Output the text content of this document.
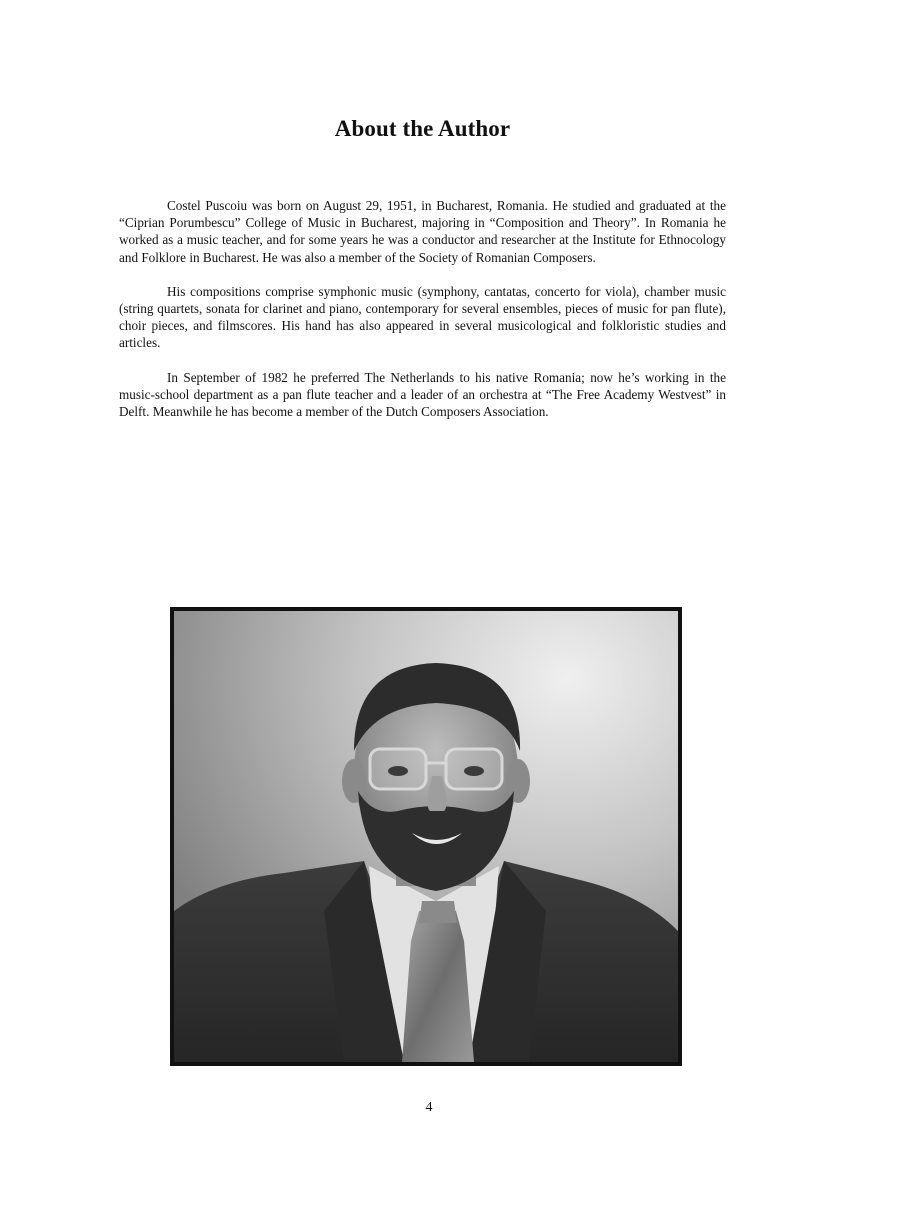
About the Author

Costel Puscoiu was born on August 29, 1951, in Bucharest, Romania. He studied and graduated at the “Ciprian Porumbescu” College of Music in Bucharest, majoring in “Composition and Theory”. In Romania he worked as a music teacher, and for some years he was a conductor and researcher at the Institute for Ethnocology and Folklore in Bucharest. He was also a member of the Society of Romanian Composers.

His compositions comprise symphonic music (symphony, cantatas, concerto for viola), chamber music (string quartets, sonata for clarinet and piano, contemporary for several ensembles, pieces of music for pan flute), choir pieces, and filmscores. His hand has also appeared in several musicological and folkloristic studies and articles.

In September of 1982 he preferred The Netherlands to his native Romania; now he’s working in the music-school department as a pan flute teacher and a leader of an orchestra at “The Free Academy Westvest” in Delft. Meanwhile he has become a member of the Dutch Composers Association.

4
